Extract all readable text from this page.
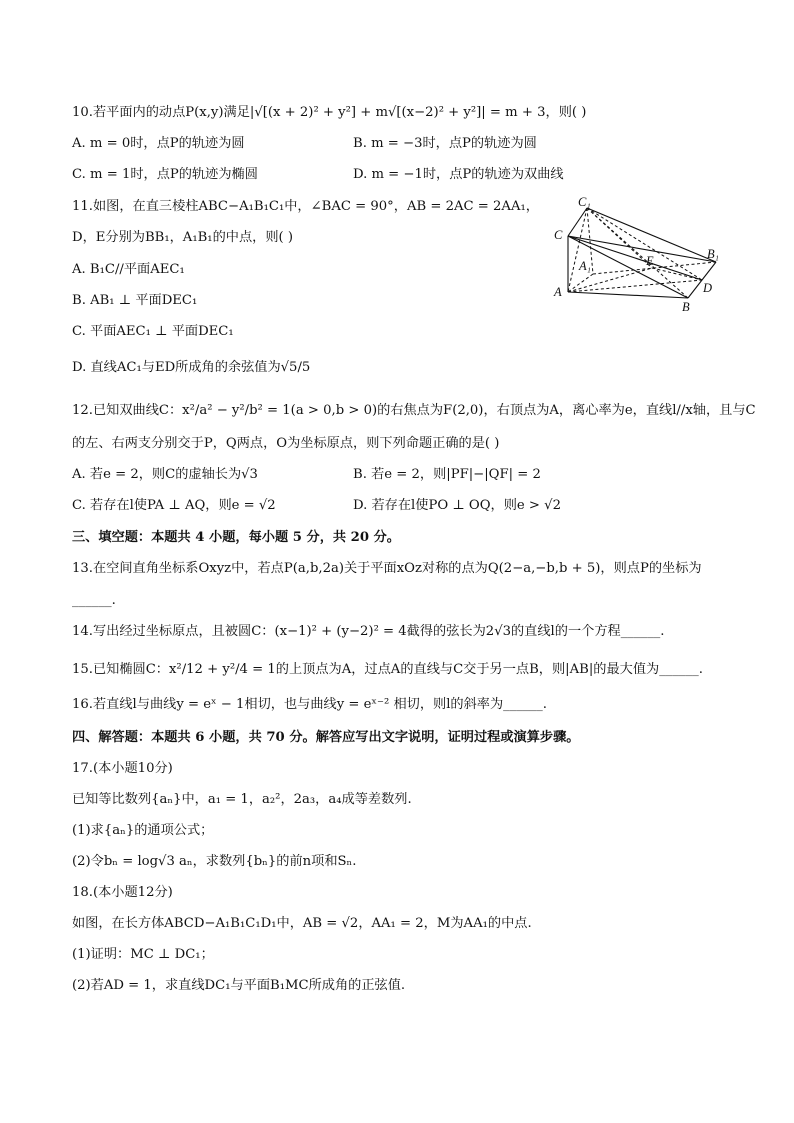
10.若平面内的动点P(x,y)满足|√[(x + 2)² + y²] + m√[(x−2)² + y²]| = m + 3，则( )
A. m = 0时，点P的轨迹为圆	B. m = −3时，点P的轨迹为圆
C. m = 1时，点P的轨迹为椭圆	D. m = −1时，点P的轨迹为双曲线
11.如图，在直三棱柱ABC−A₁B₁C₁中，∠BAC = 90°，AB = 2AC = 2AA₁，
D，E分别为BB₁，A₁B₁的中点，则( )
A. B₁C//平面AEC₁
B. AB₁ ⊥ 平面DEC₁
C. 平面AEC₁ ⊥ 平面DEC₁
D. 直线AC₁与ED所成角的余弦值为√5/5
C₁
C
A₁
A
E	B₁
D
B
12.已知双曲线C：x²/a² − y²/b² = 1(a > 0,b > 0)的右焦点为F(2,0)，右顶点为A，离心率为e，直线l//x轴，且与C
的左、右两支分别交于P，Q两点，O为坐标原点，则下列命题正确的是( )
A. 若e = 2，则C的虚轴长为√3	B. 若e = 2，则|PF|−|QF| = 2
C. 若存在l使PA ⊥ AQ，则e = √2	D. 若存在l使PO ⊥ OQ，则e > √2
三、填空题：本题共 4 小题，每小题 5 分，共 20 分。
13.在空间直角坐标系Oxyz中，若点P(a,b,2a)关于平面xOz对称的点为Q(2−a,−b,b + 5)，则点P的坐标为
______.
14.写出经过坐标原点，且被圆C：(x−1)² + (y−2)² = 4截得的弦长为2√3的直线l的一个方程______.
15.已知椭圆C：x²/12 + y²/4 = 1的上顶点为A，过点A的直线与C交于另一点B，则|AB|的最大值为______.
16.若直线l与曲线y = eˣ − 1相切，也与曲线y = eˣ⁻² 相切，则l的斜率为______.
四、解答题：本题共 6 小题，共 70 分。解答应写出文字说明，证明过程或演算步骤。
17.(本小题10分)
已知等比数列{aₙ}中，a₁ = 1，a₂²，2a₃，a₄成等差数列.
(1)求{aₙ}的通项公式；
(2)令bₙ = log√3 aₙ，求数列{bₙ}的前n项和Sₙ.
18.(本小题12分)
如图，在长方体ABCD−A₁B₁C₁D₁中，AB = √2，AA₁ = 2，M为AA₁的中点.
(1)证明：MC ⊥ DC₁；
(2)若AD = 1，求直线DC₁与平面B₁MC所成角的正弦值.
